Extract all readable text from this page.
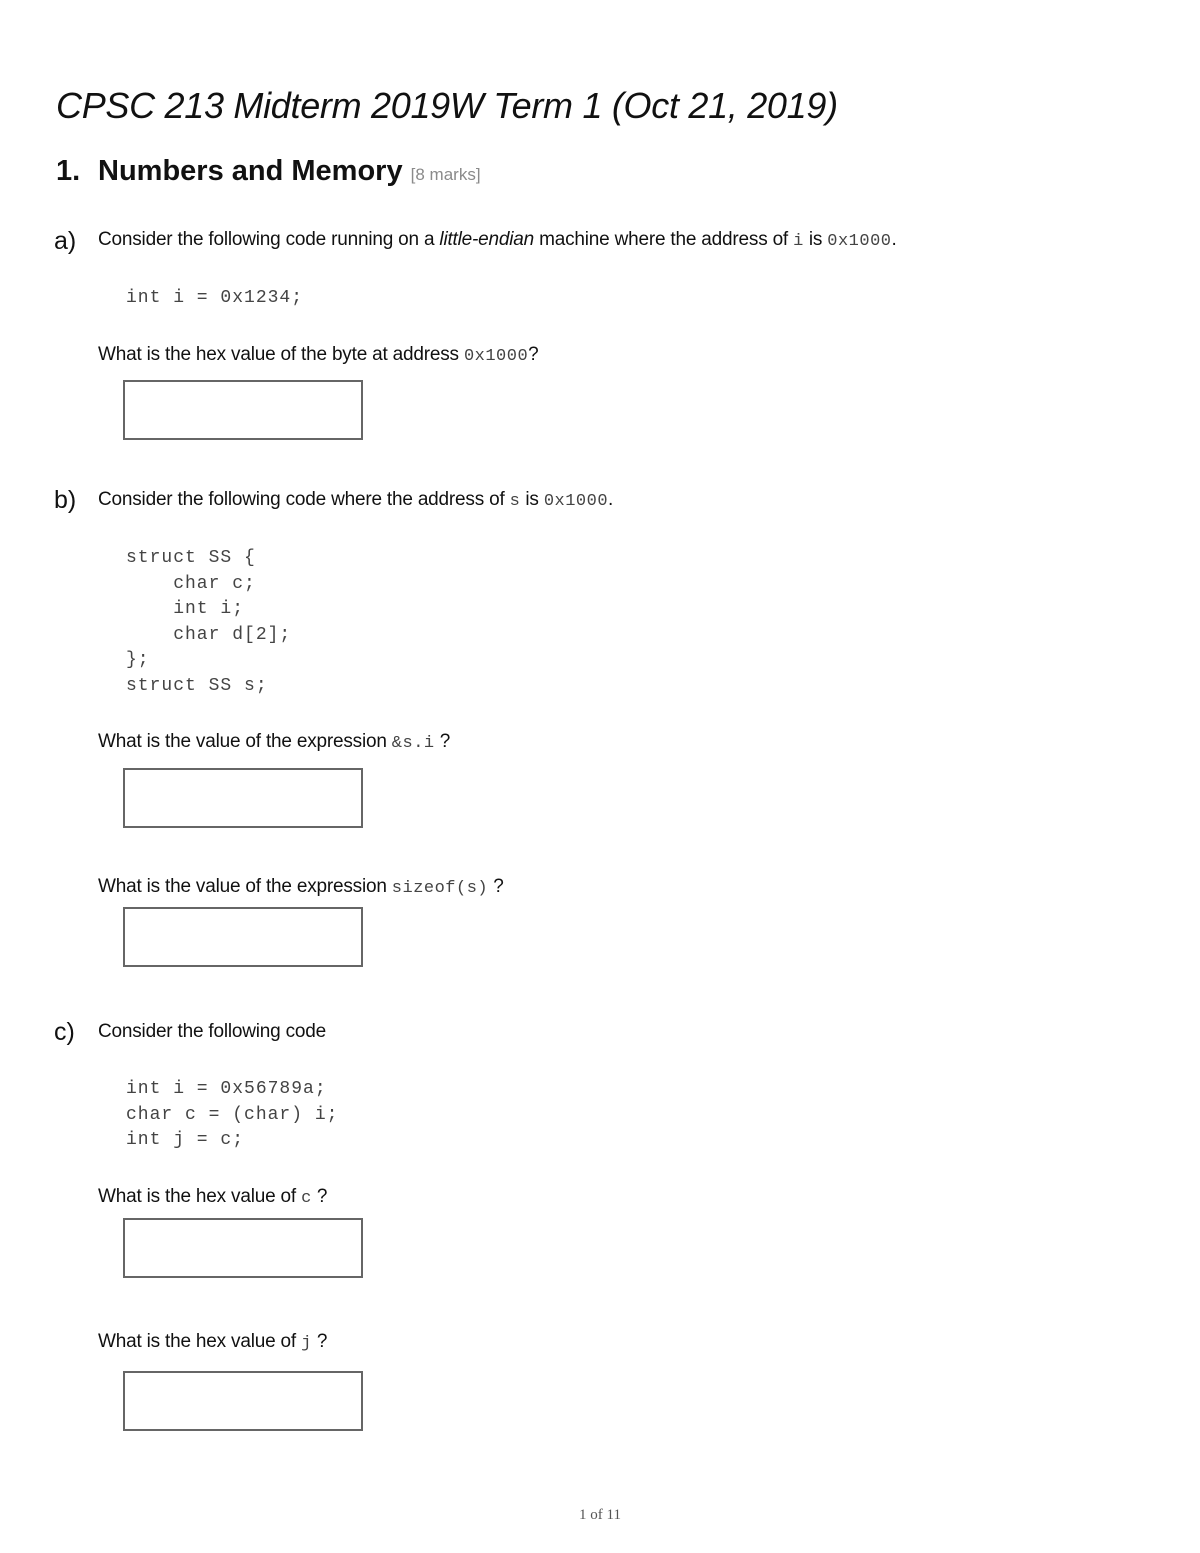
CPSC 213 Midterm 2019W Term 1 (Oct 21, 2019)
1. Numbers and Memory [8 marks]
a) Consider the following code running on a little-endian machine where the address of i is 0x1000.

int i = 0x1234;

What is the hex value of the byte at address 0x1000?

b) Consider the following code where the address of s is 0x1000.

struct SS {
char c;
int i;
char d[2];
};
struct SS s;

What is the value of the expression &s.i ?

What is the value of the expression sizeof(s) ?

c) Consider the following code

int i = 0x56789a;
char c = (char) i;
int j = c;

What is the hex value of c ?

What is the hex value of j ?

1 of 11
